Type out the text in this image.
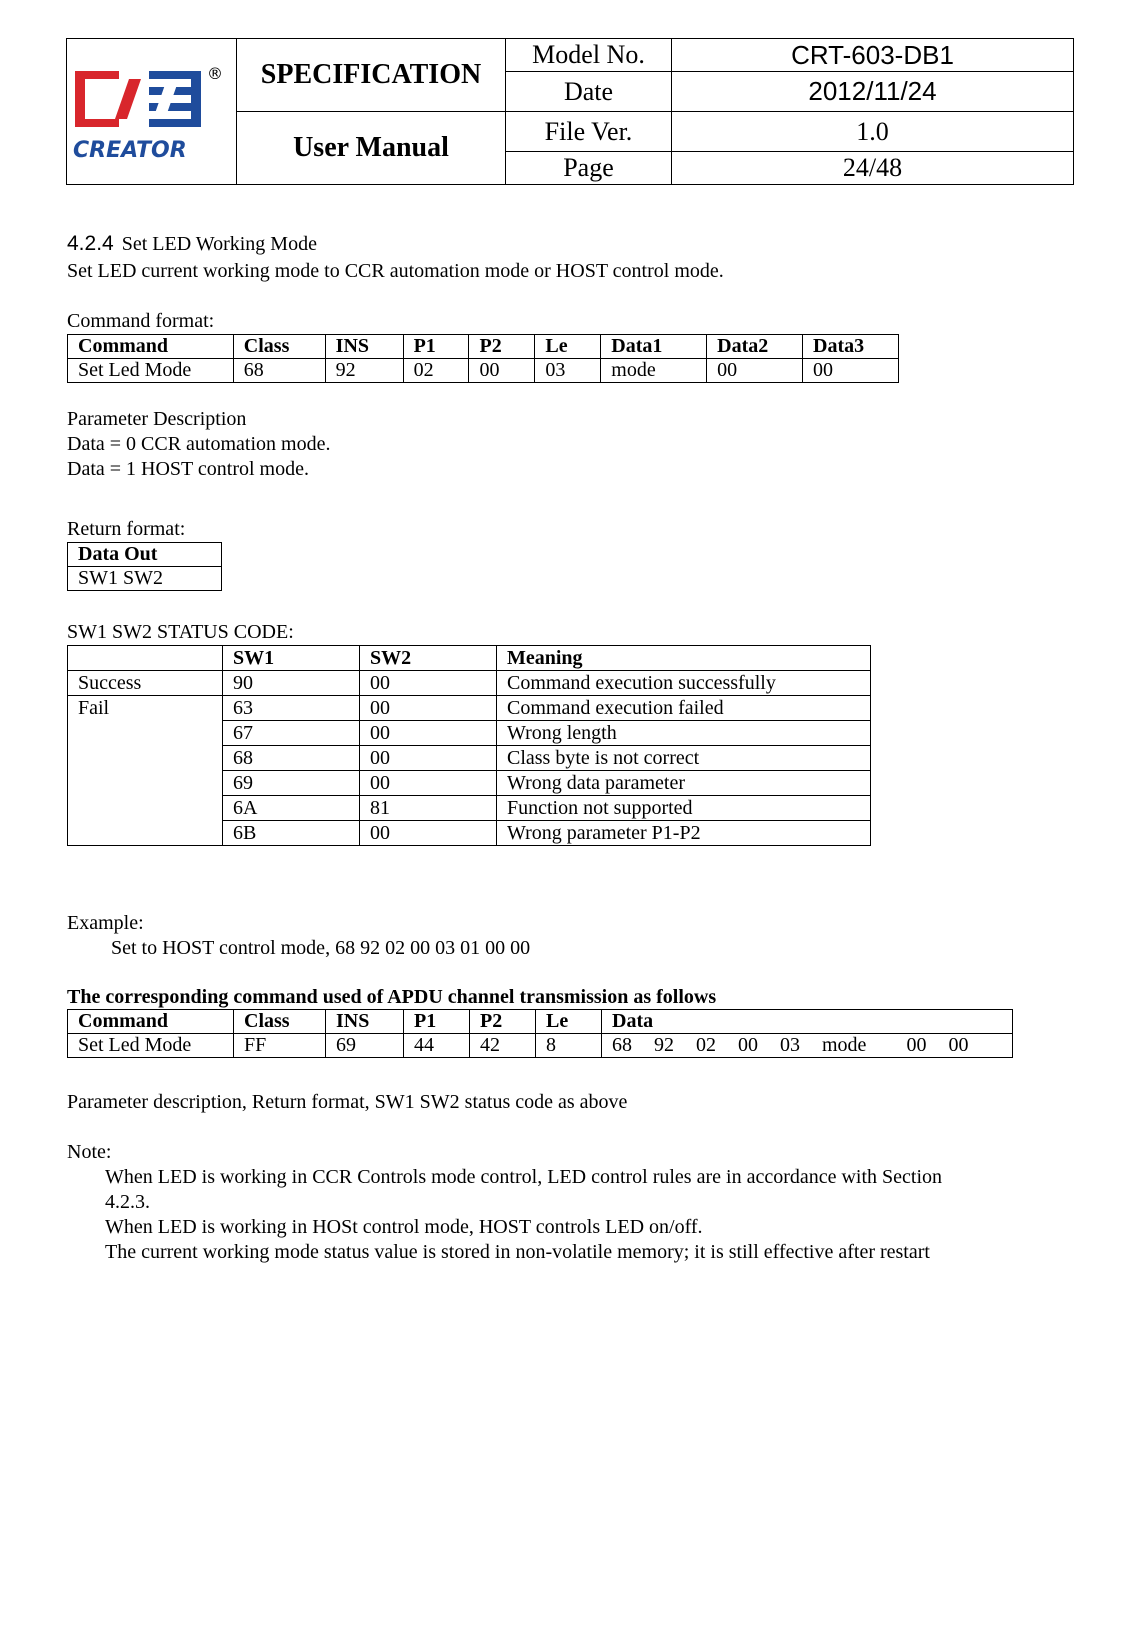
CREATOR
®	SPECIFICATION	Model No.	CRT-603-DB1
		Date	2012/11/24
	User Manual	File Ver.	1.0
		Page	24/48
4.2.4 Set LED Working Mode
Set LED current working mode to CCR automation mode or HOST control mode.
Command format:
Command	Class	INS	P1	P2	Le	Data1	Data2	Data3
Set Led Mode	68	92	02	00	03	mode	00	00
Parameter Description
Data = 0 CCR automation mode.
Data = 1 HOST control mode.
Return format:
Data Out
SW1 SW2
SW1 SW2 STATUS CODE:
	SW1	SW2	Meaning
Success	90	00	Command execution successfully
Fail	63	00	Command execution failed
	67	00	Wrong length
	68	00	Class byte is not correct
	69	00	Wrong data parameter
	6A	81	Function not supported
	6B	00	Wrong parameter P1-P2
Example:
Set to HOST control mode, 68 92 02 00 03 01 00 00
The corresponding command used of APDU channel transmission as follows
Command	Class	INS	P1	P2	Le	Data
Set Led Mode	FF	69	44	42	8	68 92 02 00 03 mode 00 00
Parameter description, Return format, SW1 SW2 status code as above
Note:
When LED is working in CCR Controls mode control, LED control rules are in accordance with Section
4.2.3.
When LED is working in HOSt control mode, HOST controls LED on/off.
The current working mode status value is stored in non-volatile memory; it is still effective after restart
